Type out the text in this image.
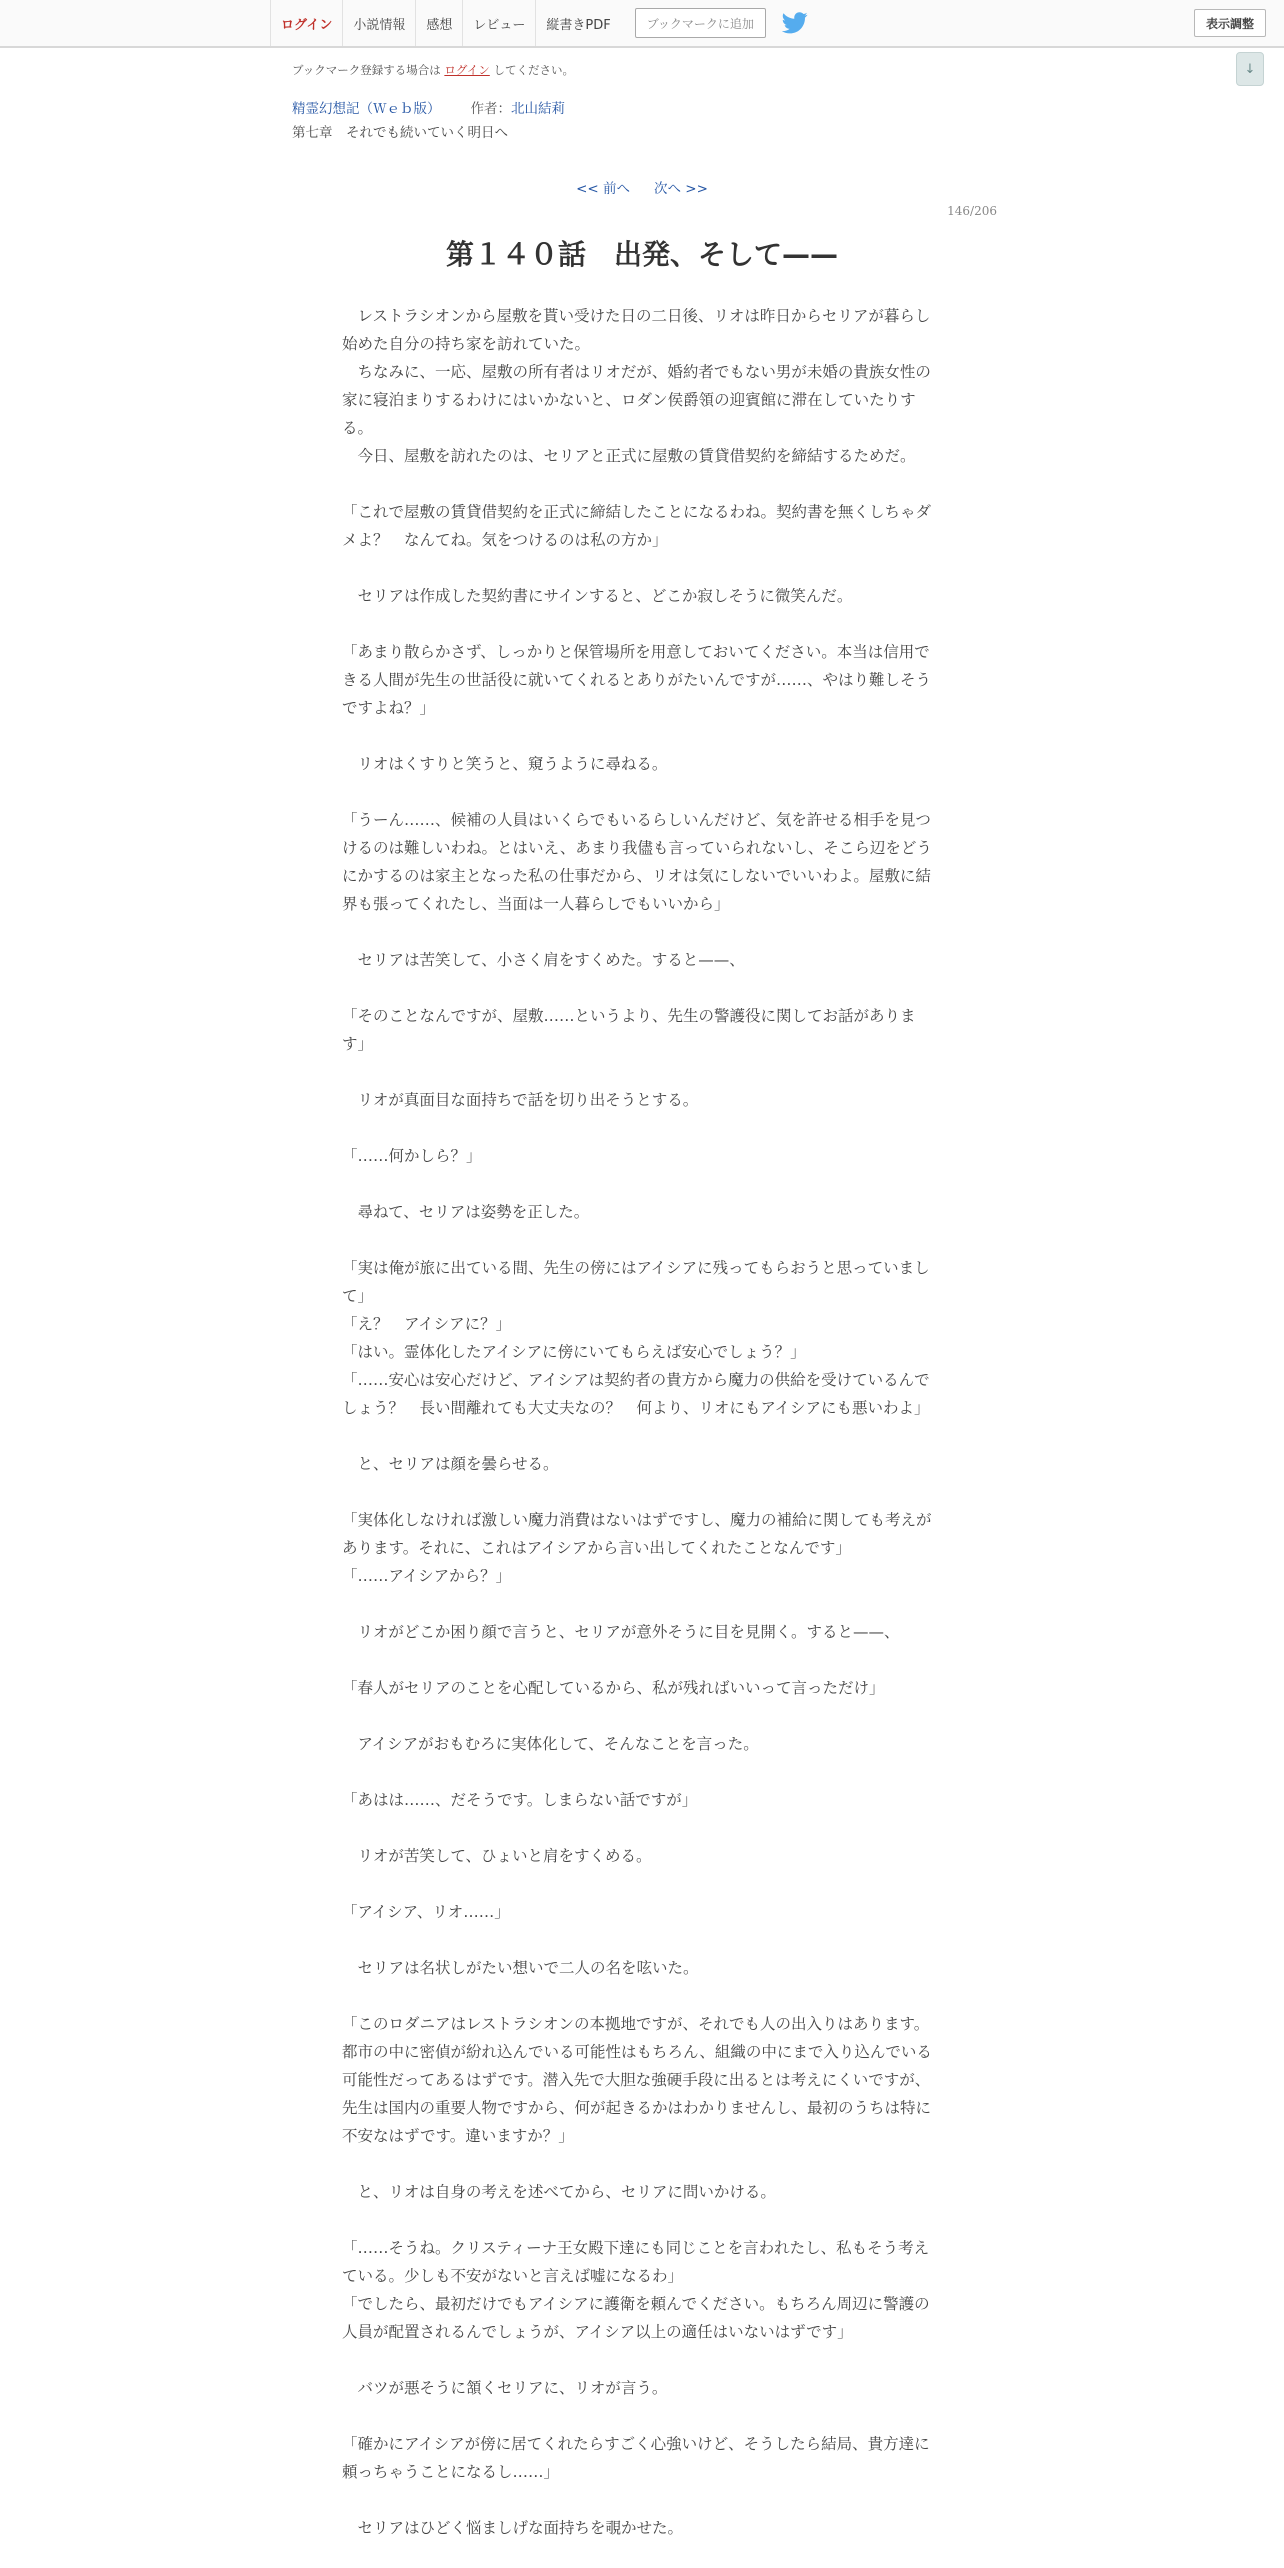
ログイン	小説情報	感想	レビュー	縦書きPDF	ブックマークに追加	表示調整
↓
ブックマーク登録する場合は ログイン してください。
精霊幻想記（Ｗｅｂ版） 作者：北山結莉
第七章　それでも続いていく明日へ
<< 前へ 次へ >>
146/206
第１４０話　出発、そして——

　レストラシオンから屋敷を貰い受けた日の二日後、リオは昨日からセリアが暮らし始めた自分の持ち家を訪れていた。

　ちなみに、一応、屋敷の所有者はリオだが、婚約者でもない男が未婚の貴族女性の家に寝泊まりするわけにはいかないと、ロダン侯爵領の迎賓館に滞在していたりする。

　今日、屋敷を訪れたのは、セリアと正式に屋敷の賃貸借契約を締結するためだ。

「これで屋敷の賃貸借契約を正式に締結したことになるわね。契約書を無くしちゃダメよ？　なんてね。気をつけるのは私の方か」

　セリアは作成した契約書にサインすると、どこか寂しそうに微笑んだ。

「あまり散らかさず、しっかりと保管場所を用意しておいてください。本当は信用できる人間が先生の世話役に就いてくれるとありがたいんですが……、やはり難しそうですよね？」

　リオはくすりと笑うと、窺うように尋ねる。

「うーん……、候補の人員はいくらでもいるらしいんだけど、気を許せる相手を見つけるのは難しいわね。とはいえ、あまり我儘も言っていられないし、そこら辺をどうにかするのは家主となった私の仕事だから、リオは気にしないでいいわよ。屋敷に結界も張ってくれたし、当面は一人暮らしでもいいから」

　セリアは苦笑して、小さく肩をすくめた。すると——、

「そのことなんですが、屋敷……というより、先生の警護役に関してお話があります」

　リオが真面目な面持ちで話を切り出そうとする。

「……何かしら？」

　尋ねて、セリアは姿勢を正した。

「実は俺が旅に出ている間、先生の傍にはアイシアに残ってもらおうと思っていまして」

「え？　アイシアに？」

「はい。霊体化したアイシアに傍にいてもらえば安心でしょう？」

「……安心は安心だけど、アイシアは契約者の貴方から魔力の供給を受けているんでしょう？　長い間離れても大丈夫なの？　何より、リオにもアイシアにも悪いわよ」

　と、セリアは顔を曇らせる。

「実体化しなければ激しい魔力消費はないはずですし、魔力の補給に関しても考えがあります。それに、これはアイシアから言い出してくれたことなんです」

「……アイシアから？」

　リオがどこか困り顔で言うと、セリアが意外そうに目を見開く。すると——、

「春人がセリアのことを心配しているから、私が残ればいいって言っただけ」

　アイシアがおもむろに実体化して、そんなことを言った。

「あはは……、だそうです。しまらない話ですが」

　リオが苦笑して、ひょいと肩をすくめる。

「アイシア、リオ……」

　セリアは名状しがたい想いで二人の名を呟いた。

「このロダニアはレストラシオンの本拠地ですが、それでも人の出入りはあります。都市の中に密偵が紛れ込んでいる可能性はもちろん、組織の中にまで入り込んでいる可能性だってあるはずです。潜入先で大胆な強硬手段に出るとは考えにくいですが、先生は国内の重要人物ですから、何が起きるかはわかりませんし、最初のうちは特に不安なはずです。違いますか？」

　と、リオは自身の考えを述べてから、セリアに問いかける。

「……そうね。クリスティーナ王女殿下達にも同じことを言われたし、私もそう考えている。少しも不安がないと言えば嘘になるわ」

「でしたら、最初だけでもアイシアに護衛を頼んでください。もちろん周辺に警護の人員が配置されるんでしょうが、アイシア以上の適任はいないはずです」

　バツが悪そうに頷くセリアに、リオが言う。

「確かにアイシアが傍に居てくれたらすごく心強いけど、そうしたら結局、貴方達に頼っちゃうことになるし……」

　セリアはひどく悩ましげな面持ちを覗かせた。
